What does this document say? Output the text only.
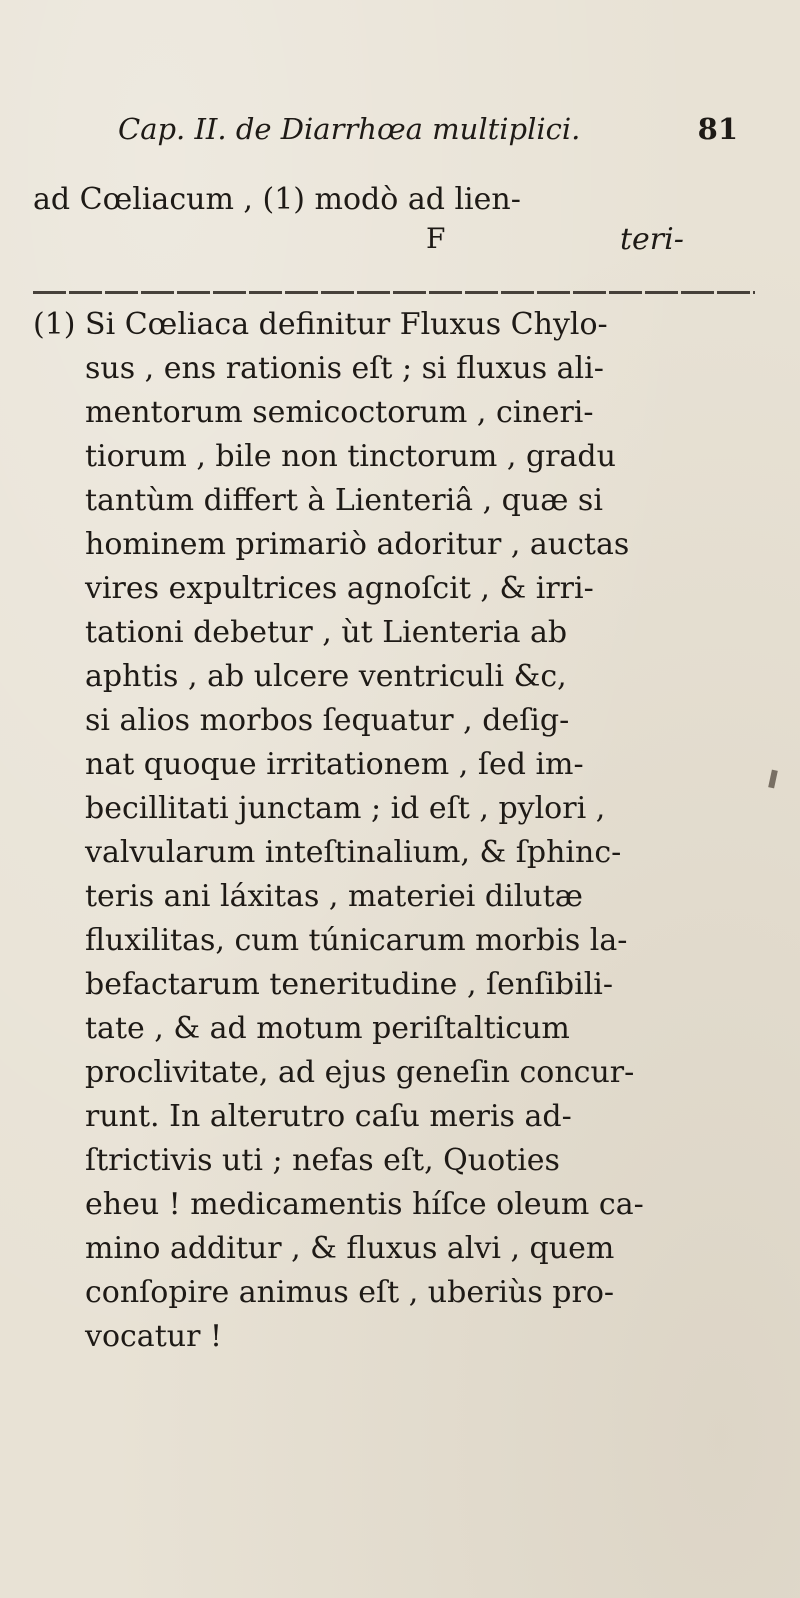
Cap. II. de Diarrhœa multiplici.	81
ad Cœliacum , (1) modò ad lien-
F	teri-
(1) Si Cœliaca definitur Fluxus Chylo-
sus , ens rationis eſt ; si fluxus ali-
mentorum semicoctorum , cineri-
tiorum , bile non tinctorum , gradu
tantùm differt à Lienteriâ , quæ si
hominem primariò adoritur , auctas
vires expultrices agnoſcit , & irri-
tationi debetur , ùt Lienteria ab
aphtis , ab ulcere ventriculi &c,
si alios morbos ſequatur , deſig-
nat quoque irritationem , ſed im-
becillitati junctam ; id eſt , pylori ,
valvularum inteſtinalium, & ſphinc-
teris ani láxitas , materiei dilutæ
fluxilitas, cum túnicarum morbis la-
befactarum teneritudine , ſenſibili-
tate , & ad motum periſtalticum
proclivitate, ad ejus geneſin concur-
runt. In alterutro caſu meris ad-
ſtrictivis uti ; nefas eſt, Quoties
eheu ! medicamentis híſce oleum ca-
mino additur , & fluxus alvi , quem
conſopire animus eſt , uberiùs pro-
vocatur !
